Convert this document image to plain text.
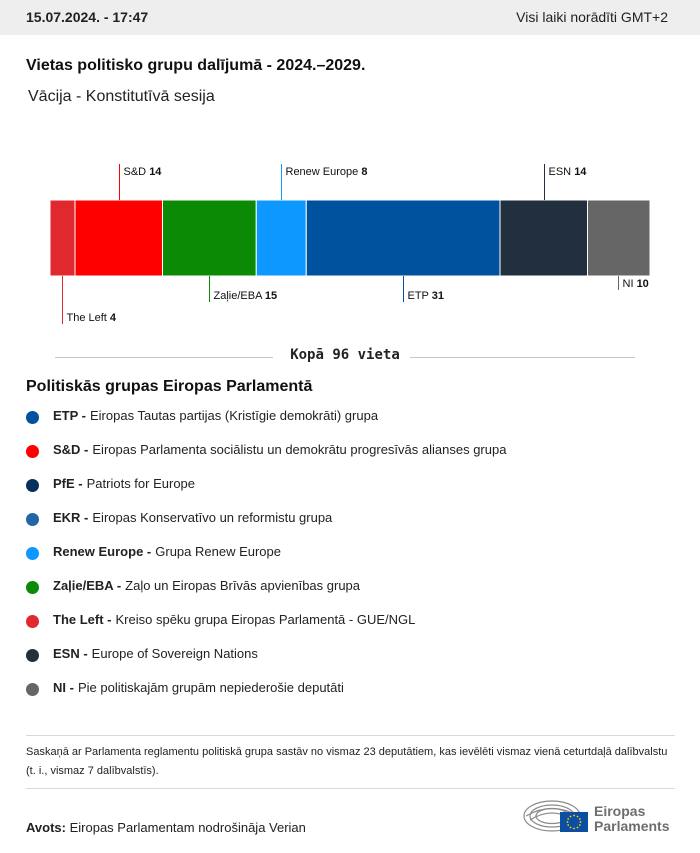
15.07.2024. - 17:47	Visi laiki norādīti GMT+2
Vietas politisko grupu dalījumā - 2024.–2029.
Vācija - Konstitutīvā sesija
The Left 4
S&D 14
Zaļie/EBA 15
Renew Europe 8
ETP 31
ESN 14
NI 10
Kopā 96 vieta
Politiskās grupas Eiropas Parlamentā
ETP - Eiropas Tautas partijas (Kristīgie demokrāti) grupa
S&D - Eiropas Parlamenta sociālistu un demokrātu progresīvās alianses grupa
PfE - Patriots for Europe
EKR - Eiropas Konservatīvo un reformistu grupa
Renew Europe - Grupa Renew Europe
Zaļie/EBA - Zaļo un Eiropas Brīvās apvienības grupa
The Left - Kreiso spēku grupa Eiropas Parlamentā - GUE/NGL
ESN - Europe of Sovereign Nations
NI - Pie politiskajām grupām nepiederošie deputāti
Saskaņā ar Parlamenta reglamentu politiskā grupa sastāv no vismaz 23 deputātiem, kas ievēlēti vismaz vienā ceturtdaļā dalībvalstu (t. i., vismaz 7 dalībvalstīs).
Avots: Eiropas Parlamentam nodrošināja Verian
Eiropas
Parlaments
